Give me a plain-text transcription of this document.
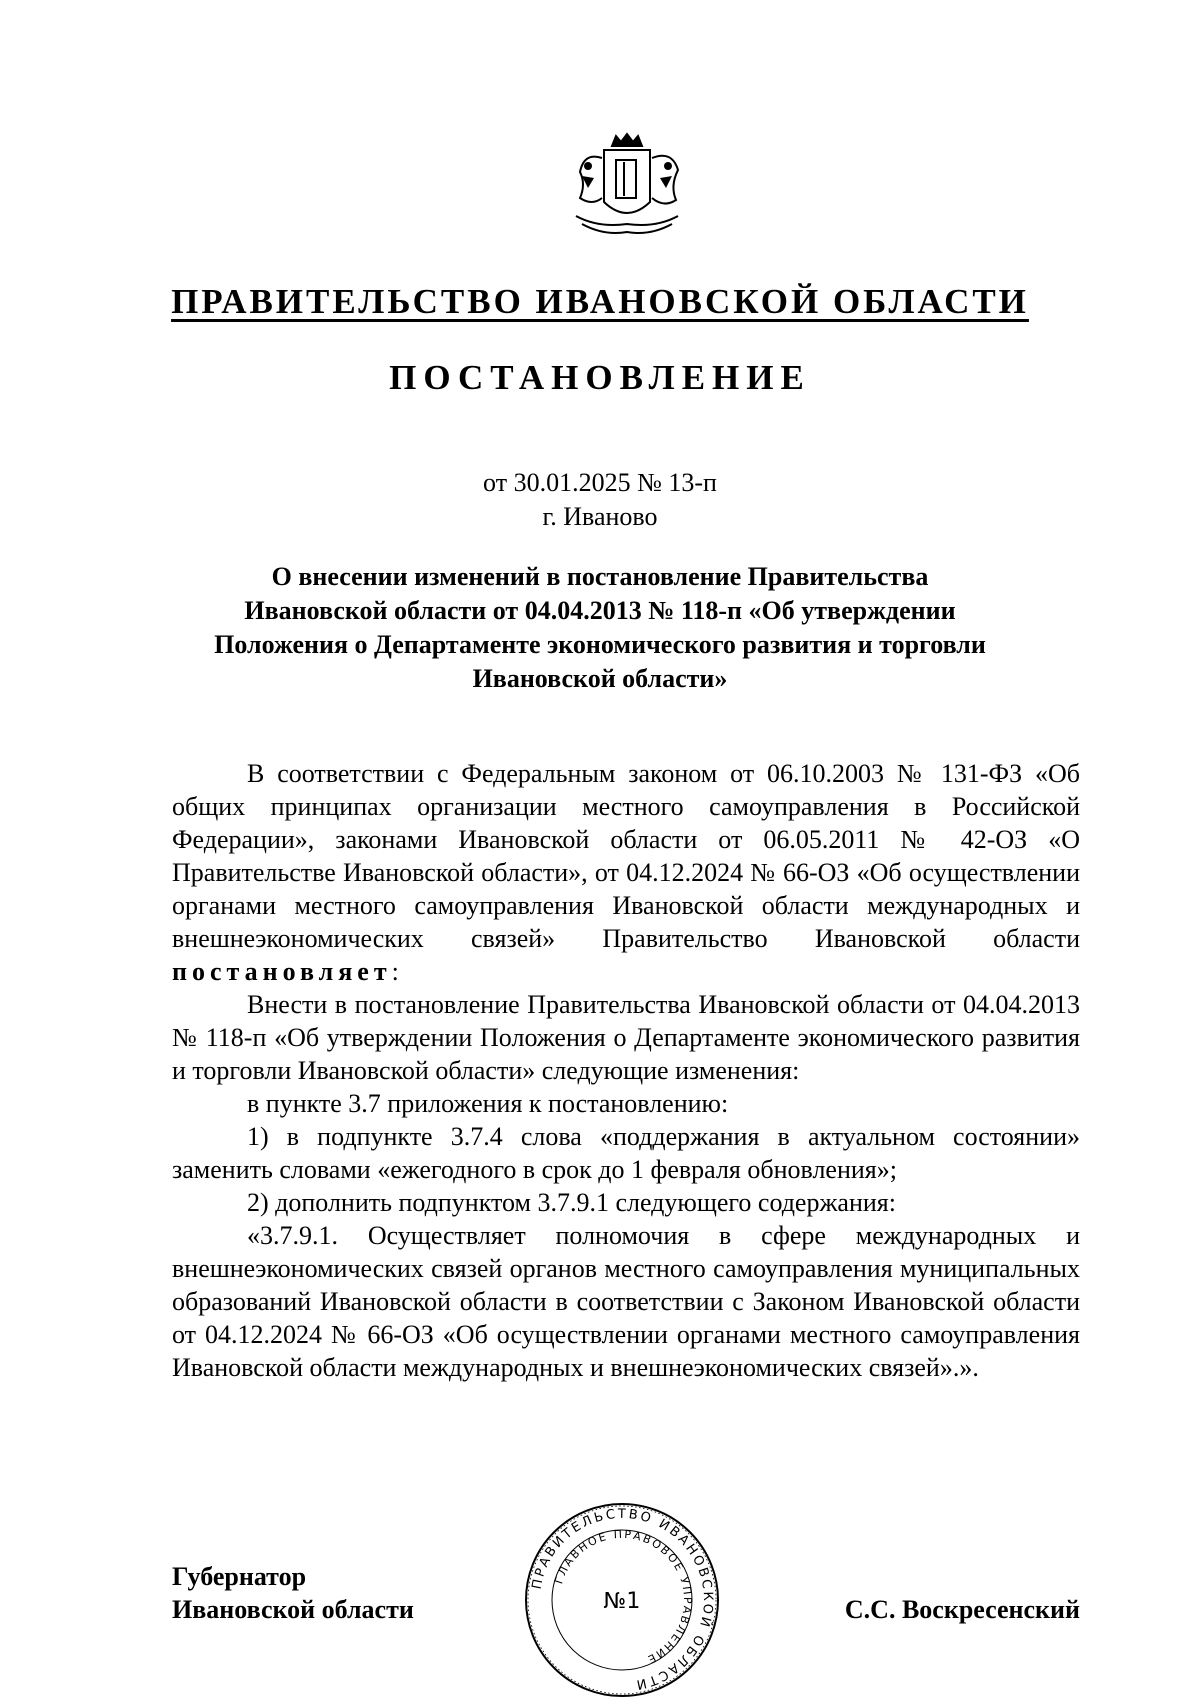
ПРАВИТЕЛЬСТВО ИВАНОВСКОЙ ОБЛАСТИ
ПОСТАНОВЛЕНИЕ
от 30.01.2025 № 13-п
г. Иваново
О внесении изменений в постановление Правительства
Ивановской области от 04.04.2013 № 118-п «Об утверждении
Положения о Департаменте экономического развития и торговли
Ивановской области»

В соответствии с Федеральным законом от 06.10.2003 № 131-ФЗ «Об общих принципах организации местного самоуправления в Российской Федерации», законами Ивановской области от 06.05.2011 № 42-ОЗ «О Правительстве Ивановской области», от 04.12.2024 № 66-ОЗ «Об осуществлении органами местного самоуправления Ивановской области международных и внешнеэкономических связей» Правительство Ивановской области постановляет:

Внести в постановление Правительства Ивановской области от 04.04.2013 № 118-п «Об утверждении Положения о Департаменте экономического развития и торговли Ивановской области» следующие изменения:

в пункте 3.7 приложения к постановлению:

1) в подпункте 3.7.4 слова «поддержания в актуальном состоянии» заменить словами «ежегодного в срок до 1 февраля обновления»;

2) дополнить подпунктом 3.7.9.1 следующего содержания:

«3.7.9.1. Осуществляет полномочия в сфере международных и внешнеэкономических связей органов местного самоуправления муниципальных образований Ивановской области в соответствии с Законом Ивановской области от 04.12.2024 № 66-ОЗ «Об осуществлении органами местного самоуправления Ивановской области международных и внешнеэкономических связей».».

Губернатор
Ивановской области	С.С. Воскресенский
ПРАВИТЕЛЬСТВО ИВАНОВСКОЙ ОБЛАСТИ
ГЛАВНОЕ ПРАВОВОЕ УПРАВЛЕНИЕ
№1
